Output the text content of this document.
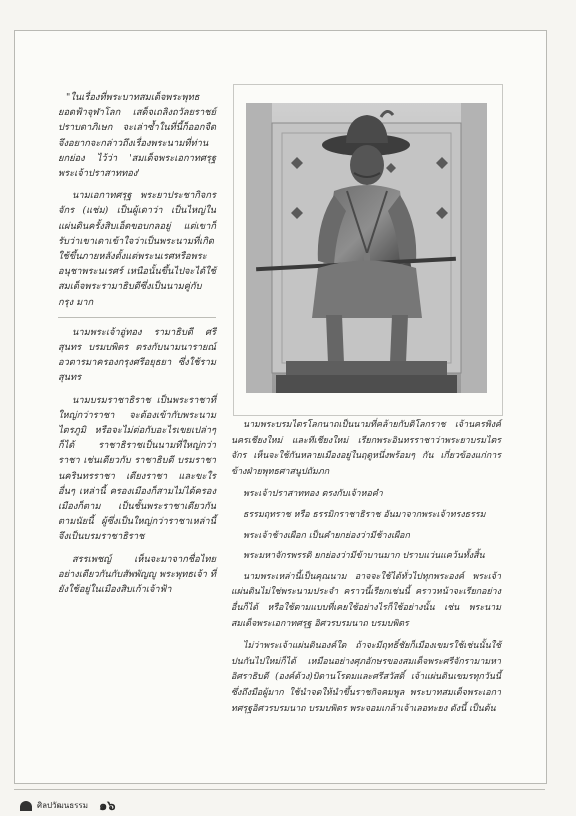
"ในเรื่องที่พระบาทสมเด็จพระพุทธยอดฟ้าจุฬาโลก เสด็จเถลิงถวัลยราชย์ปราบดาภิเษก จะเล่าซ้ำในที่นี้ก็ออกจืด จึงอยากจะกล่าวถึงเรื่องพระนามที่ท่านยกย่อง ไว้ว่า 'สมเด็จพระเอกาทศรุฐพระเจ้าปราสาททอง'

นามเอกาทศรุฐ พระยาประชากิจกรจักร (แช่ม) เป็นผู้เดาว่า เป็นไหญ่ในแผ่นดินครั้งสิบเอ็ดขอบกลอยู่ แต่เขาก็รับว่าเขาเดาเข้าใจว่าเป็นพระนามที่เกิดใช้ขึ้นภายหลังตั้งแต่พระนเรศหรือพระอนุชาพระนเรศร์ เหนือนั้นขึ้นไปจะได้ใช้สมเด็จพระรามาธิบดีซึ่งเป็นนามคู่กับกรุง มาก

นามพระเจ้าอู่ทอง รามาธิบดี ศรีสุนทร บรมบพิตร ตรงกับนามนารายณ์อวตารมาครองกรุงศรีอยุธยา ซึ่งใช้รามสุนทร

นามบรมราชาธิราช เป็นพระราชาที่ใหญ่กว่าราชา จะต้องเข้ากับพระนามไตรภูมิ หรือจะไม่ต่อกับอะไรเขยเปล่าๆ ก็ได้ ราชาธิราชเป็นนามที่ใหญ่กว่าราชา เช่นเดียวกับ ราชาธิบดี บรมราชา นครินทรราชา เดียงราชา และขะใรอื่นๆ เหล่านี้ ครองเมืองก็สามไม่ได้ครองเมืองก็ตาม เป็นชั้นพระราชาเดียวกันตามนัยนี้ ผู้ซึ่งเป็นใหญ่กว่าราชาเหล่านี้ จึงเป็นบรมราชาธิราช

สรรเพชญ์ เห็นจะมาจากชื่อไทย อย่างเดียวกันกับสัพพัญญู พระพุทธเจ้า ที่ยังใช้อยู่ในเมืองสิบเก้าเจ้าฟ้า

นามพระบรมไตรโลกนาถเป็นนามที่คล้ายกับติโลกราช เจ้านครพิงค์นครเชียงใหม่ และทีเชียงใหม่ เรียกพระอินทรราชาว่าพระยาบรมไตรจักร เห็นจะใช้กันหลายเมืองอยู่ในฤดูหนึ่งพร้อมๆ กัน เกี่ยวข้องแก่การข้างฝ่ายพุทธศาสนูปถัมภก

พระเจ้าปราสาททอง ตรงกับเจ้าหอคำ

ธรรมฤทราช หรือ ธรรมิกราชาธิราช อันมาจากพระเจ้าทรงธรรม

พระเจ้าช้างเผือก เป็นคำยกย่องว่ามีช้างเผือก

พระมหาจักรพรรดิ ยกย่องว่ามีข้าบานมาก ปราบแว่นแคว้นทั้งสิ้น

นามพระเหล่านี้เป็นคุณนาม อาจจะใช้ได้ทั่วไปทุกพระองค์ พระเจ้าแผ่นดินไม่ใช่พระนามประจำ คราวนี้เรียกเช่นนี้ คราวหน้าจะเรียกอย่างอื่นก็ได้ หรือใช้ตามแบบที่เคยใช้อย่างไรก็ใช้อย่างนั้น เช่น พระนามสมเด็จพระเอกาทศรุฐ อิศวรบรมนาถ บรมบพิตร

ไม่ว่าพระเจ้าแผ่นดินองค์ใด ถ้าจะมีฤทธิ์ชัยก็เมืองเขมรใช้เช่นนั้นใช้ปนกันไปใหม่ก็ได้ เหมือนอย่างศุภอักษรของสมเด็จพระศรีจักรามามหาอิศราธิบดี (องค์ด้วง)บิดานโรดมและศรีสวัสดิ์ เจ้าแผ่นดินเขมรทุกวันนี้ ซึ่งถึงมือผู้มาก ใช้นำจดให้นำขึ้นราชกิจคมพูล พระบาทสมเด็จพระเอกาทศรุฐอิศวรบรมนาถ บรมบพิตร พระจอมเกล้าเจ้าเลอทะยง ดังนี้ เป็นต้น

ศิลปวัฒนธรรม ๑๖
